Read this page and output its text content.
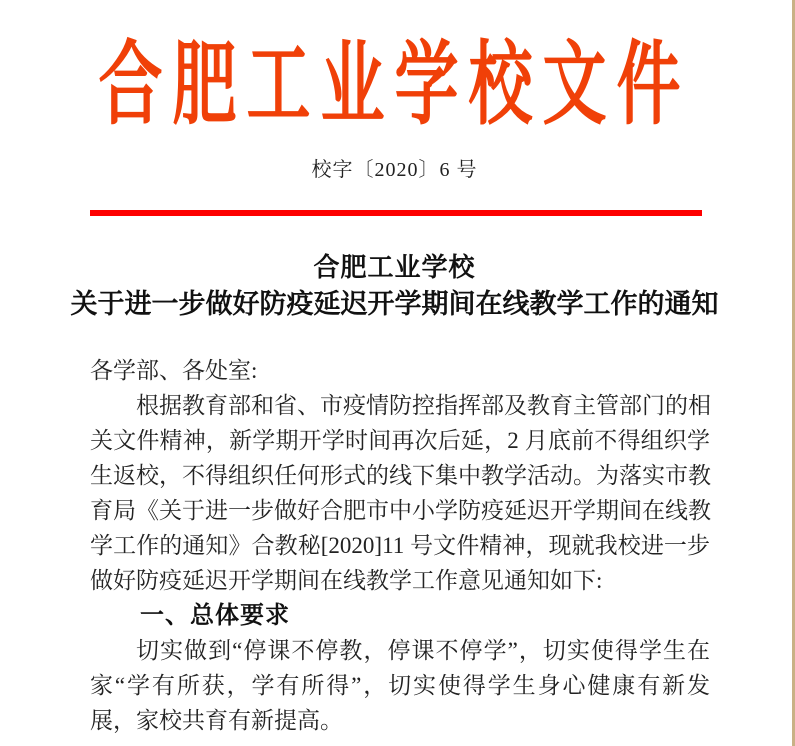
合肥工业学校文件
校字〔2020〕6 号
合肥工业学校
关于进一步做好防疫延迟开学期间在线教学工作的通知
各学部、各处室:
根据教育部和省、市疫情防控指挥部及教育主管部门的相
关文件精神，新学期开学时间再次后延，2 月底前不得组织学
生返校，不得组织任何形式的线下集中教学活动。为落实市教
育局《关于进一步做好合肥市中小学防疫延迟开学期间在线教
学工作的通知》合教秘[2020]11 号文件精神，现就我校进一步
做好防疫延迟开学期间在线教学工作意见通知如下:
一、总体要求
切实做到“停课不停教，停课不停学”，切实使得学生在
家“学有所获，学有所得”，切实使得学生身心健康有新发
展，家校共育有新提高。
